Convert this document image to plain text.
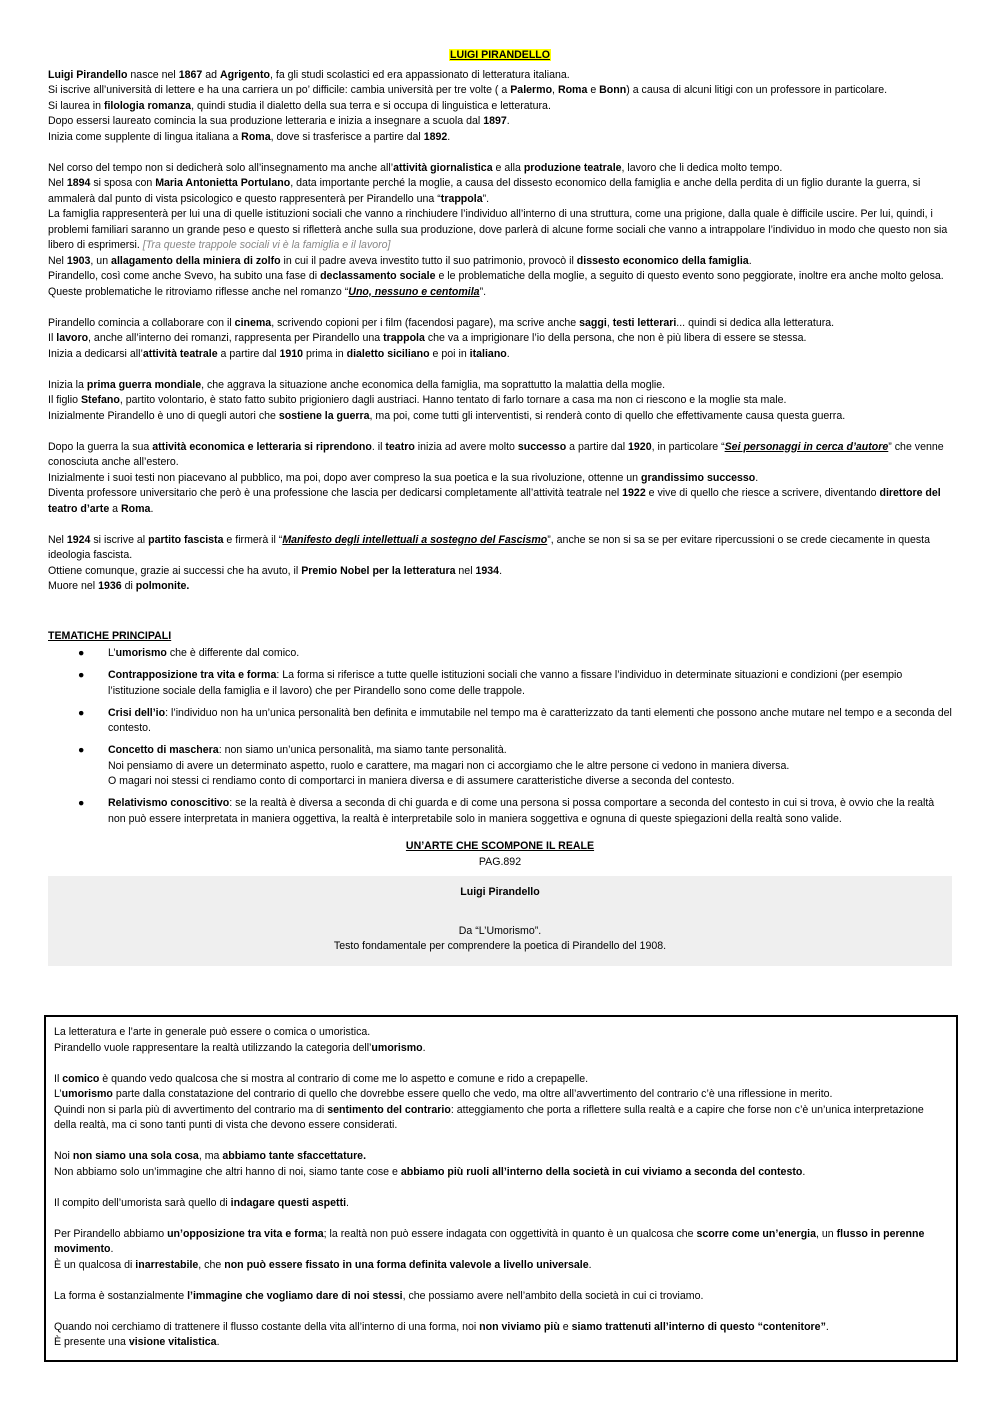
LUIGI PIRANDELLO

Luigi Pirandello nasce nel 1867 ad Agrigento, fa gli studi scolastici ed era appassionato di letteratura italiana.

Si iscrive all’università di lettere e ha una carriera un po’ difficile: cambia università per tre volte ( a Palermo, Roma e Bonn) a causa di alcuni litigi con un professore in particolare.

Si laurea in filologia romanza, quindi studia il dialetto della sua terra e si occupa di linguistica e letteratura.

Dopo essersi laureato comincia la sua produzione letteraria e inizia a insegnare a scuola dal 1897.

Inizia come supplente di lingua italiana a Roma, dove si trasferisce a partire dal 1892.

Nel corso del tempo non si dedicherà solo all’insegnamento ma anche all’attività giornalistica e alla produzione teatrale, lavoro che li dedica molto tempo.

Nel 1894 si sposa con Maria Antonietta Portulano, data importante perché la moglie, a causa del dissesto economico della famiglia e anche della perdita di un figlio durante la guerra, si ammalerà dal punto di vista psicologico e questo rappresenterà per Pirandello una “trappola”.

La famiglia rappresenterà per lui una di quelle istituzioni sociali che vanno a rinchiudere l’individuo all’interno di una struttura, come una prigione, dalla quale è difficile uscire. Per lui, quindi, i problemi familiari saranno un grande peso e questo si rifletterà anche sulla sua produzione, dove parlerà di alcune forme sociali che vanno a intrappolare l’individuo in modo che questo non sia libero di esprimersi. [Tra queste trappole sociali vi è la famiglia e il lavoro]

Nel 1903, un allagamento della miniera di zolfo in cui il padre aveva investito tutto il suo patrimonio, provocò il dissesto economico della famiglia.

Pirandello, così come anche Svevo, ha subito una fase di declassamento sociale e le problematiche della moglie, a seguito di questo evento sono peggiorate, inoltre era anche molto gelosa. Queste problematiche le ritroviamo riflesse anche nel romanzo “Uno, nessuno e centomila”.

Pirandello comincia a collaborare con il cinema, scrivendo copioni per i film (facendosi pagare), ma scrive anche saggi, testi letterari... quindi si dedica alla letteratura.

Il lavoro, anche all’interno dei romanzi, rappresenta per Pirandello una trappola che va a imprigionare l’io della persona, che non è più libera di essere se stessa.

Inizia a dedicarsi all’attività teatrale a partire dal 1910 prima in dialetto siciliano e poi in italiano.

Inizia la prima guerra mondiale, che aggrava la situazione anche economica della famiglia, ma soprattutto la malattia della moglie.

Il figlio Stefano, partito volontario, è stato fatto subito prigioniero dagli austriaci. Hanno tentato di farlo tornare a casa ma non ci riescono e la moglie sta male.

Inizialmente Pirandello è uno di quegli autori che sostiene la guerra, ma poi, come tutti gli interventisti, si renderà conto di quello che effettivamente causa questa guerra.

Dopo la guerra la sua attività economica e letteraria si riprendono. il teatro inizia ad avere molto successo a partire dal 1920, in particolare “Sei personaggi in cerca d’autore” che venne conosciuta anche all’estero.

Inizialmente i suoi testi non piacevano al pubblico, ma poi, dopo aver compreso la sua poetica e la sua rivoluzione, ottenne un grandissimo successo.

Diventa professore universitario che però è una professione che lascia per dedicarsi completamente all’attività teatrale nel 1922 e vive di quello che riesce a scrivere, diventando direttore del teatro d’arte a Roma.

Nel 1924 si iscrive al partito fascista e firmerà il “Manifesto degli intellettuali a sostegno del Fascismo”, anche se non si sa se per evitare ripercussioni o se crede ciecamente in questa ideologia fascista.

Ottiene comunque, grazie ai successi che ha avuto, il Premio Nobel per la letteratura nel 1934.

Muore nel 1936 di polmonite.

TEMATICHE PRINCIPALI
● L’umorismo che è differente dal comico.

● Contrapposizione tra vita e forma: La forma si riferisce a tutte quelle istituzioni sociali che vanno a fissare l’individuo in determinate situazioni e condizioni (per esempio l’istituzione sociale della famiglia e il lavoro) che per Pirandello sono come delle trappole.

● Crisi dell’io: l’individuo non ha un’unica personalità ben definita e immutabile nel tempo ma è caratterizzato da tanti elementi che possono anche mutare nel tempo e a seconda del contesto.

● Concetto di maschera: non siamo un’unica personalità, ma siamo tante personalità.

Noi pensiamo di avere un determinato aspetto, ruolo e carattere, ma magari non ci accorgiamo che le altre persone ci vedono in maniera diversa.

O magari noi stessi ci rendiamo conto di comportarci in maniera diversa e di assumere caratteristiche diverse a seconda del contesto.

● Relativismo conoscitivo: se la realtà è diversa a seconda di chi guarda e di come una persona si possa comportare a seconda del contesto in cui si trova, è ovvio che la realtà non può essere interpretata in maniera oggettiva, la realtà è interpretabile solo in maniera soggettiva e ognuna di queste spiegazioni della realtà sono valide.

UN’ARTE CHE SCOMPONE IL REALE
PAG.892
Luigi Pirandello
Da “L’Umorismo”.
Testo fondamentale per comprendere la poetica di Pirandello del 1908.

La letteratura e l’arte in generale può essere o comica o umoristica.

Pirandello vuole rappresentare la realtà utilizzando la categoria dell’umorismo.

Il comico è quando vedo qualcosa che si mostra al contrario di come me lo aspetto e comune e rido a crepapelle.

L’umorismo parte dalla constatazione del contrario di quello che dovrebbe essere quello che vedo, ma oltre all’avvertimento del contrario c’è una riflessione in merito.

Quindi non si parla più di avvertimento del contrario ma di sentimento del contrario: atteggiamento che porta a riflettere sulla realtà e a capire che forse non c’è un’unica interpretazione della realtà, ma ci sono tanti punti di vista che devono essere considerati.

Noi non siamo una sola cosa, ma abbiamo tante sfaccettature.

Non abbiamo solo un’immagine che altri hanno di noi, siamo tante cose e abbiamo più ruoli all’interno della società in cui viviamo a seconda del contesto.

Il compito dell’umorista sarà quello di indagare questi aspetti.

Per Pirandello abbiamo un’opposizione tra vita e forma; la realtà non può essere indagata con oggettività in quanto è un qualcosa che scorre come un’energia, un flusso in perenne movimento.

È un qualcosa di inarrestabile, che non può essere fissato in una forma definita valevole a livello universale.

La forma è sostanzialmente l’immagine che vogliamo dare di noi stessi, che possiamo avere nell’ambito della società in cui ci troviamo.

Quando noi cerchiamo di trattenere il flusso costante della vita all’interno di una forma, noi non viviamo più e siamo trattenuti all’interno di questo “contenitore”.

È presente una visione vitalistica.
